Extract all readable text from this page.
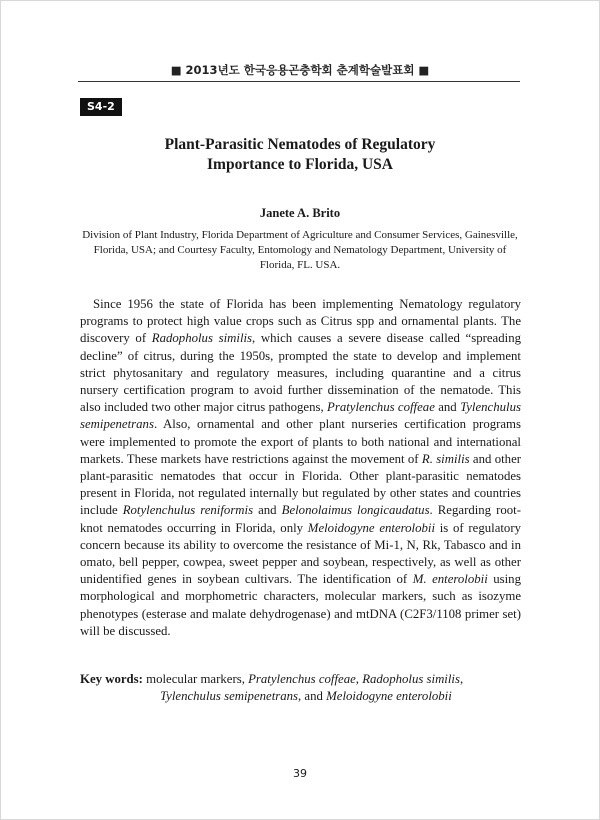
■ 2013년도 한국응용곤충학회 춘계학술발표회 ■
S4-2
Plant-Parasitic Nematodes of Regulatory
Importance to Florida, USA
Janete A. Brito
Division of Plant Industry, Florida Department of Agriculture and Consumer Services, Gainesville, Florida, USA; and Courtesy Faculty, Entomology and Nematology Department, University of Florida, FL. USA.

Since 1956 the state of Florida has been implementing Nematology regulatory programs to protect high value crops such as Citrus spp and ornamental plants. The discovery of Radopholus similis, which causes a severe disease called “spreading decline” of citrus, during the 1950s, prompted the state to develop and implement strict phytosanitary and regulatory measures, including quarantine and a citrus nursery certification program to avoid further dissemination of the nematode. This also included two other major citrus pathogens, Pratylenchus coffeae and Tylenchulus semipenetrans. Also, ornamental and other plant nurseries certification programs were implemented to promote the export of plants to both national and international markets. These markets have restrictions against the movement of R. similis and other plant-parasitic nematodes that occur in Florida. Other plant-parasitic nematodes present in Florida, not regulated internally but regulated by other states and countries include Rotylenchulus reniformis and Belonolaimus longicaudatus. Regarding root-knot nematodes occurring in Florida, only Meloidogyne enterolobii is of regulatory concern because its ability to overcome the resistance of Mi-1, N, Rk, Tabasco and in omato, bell pepper, cowpea, sweet pepper and soybean, respectively, as well as other unidentified genes in soybean cultivars. The identification of M. enterolobii using morphological and morphometric characters, molecular markers, such as isozyme phenotypes (esterase and malate dehydrogenase) and mtDNA (C2F3/1108 primer set) will be discussed.

Key words: molecular markers, Pratylenchus coffeae, Radopholus similis,
Tylenchulus semipenetrans, and Meloidogyne enterolobii

39
